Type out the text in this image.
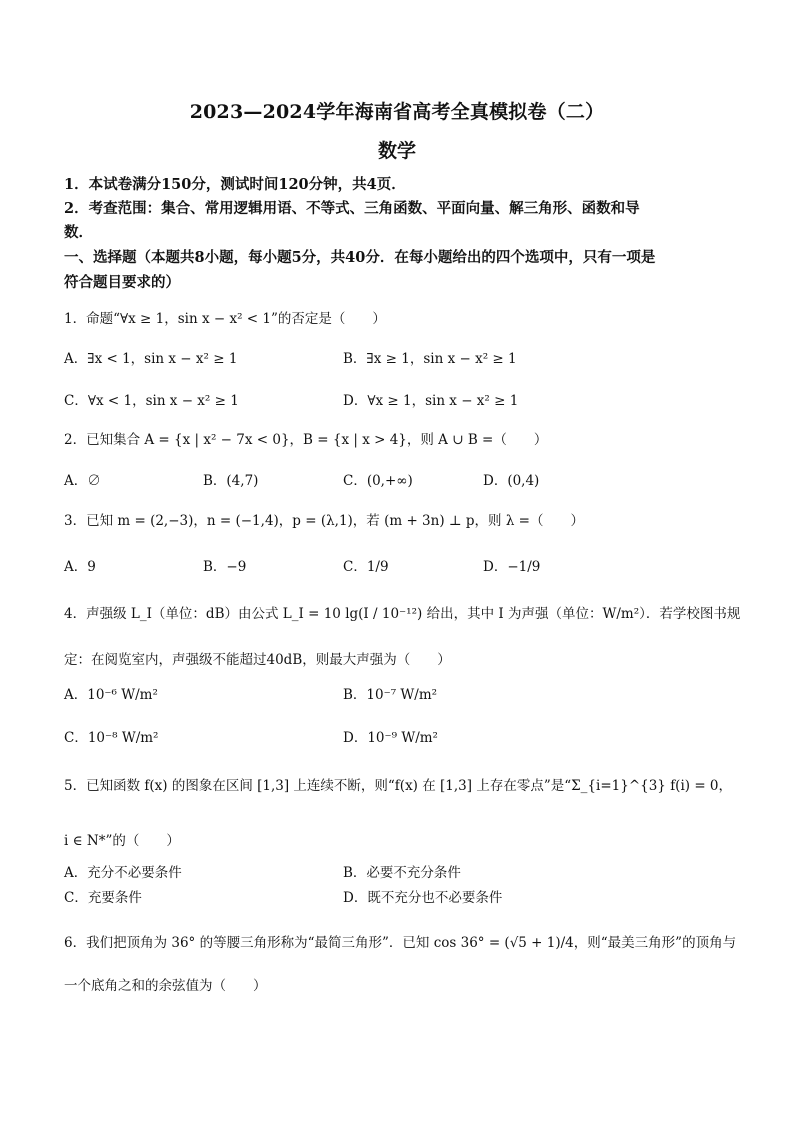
2023—2024学年海南省高考全真模拟卷（二）
数学
1．本试卷满分150分，测试时间120分钟，共4页．
2．考查范围：集合、常用逻辑用语、不等式、三角函数、平面向量、解三角形、函数和导
数．
一、选择题（本题共8小题，每小题5分，共40分．在每小题给出的四个选项中，只有一项是
符合题目要求的）
1．命题“∀x ≥ 1，sin x − x² < 1”的否定是（　　）
A．∃x < 1，sin x − x² ≥ 1	B．∃x ≥ 1，sin x − x² ≥ 1
C．∀x < 1，sin x − x² ≥ 1	D．∀x ≥ 1，sin x − x² ≥ 1
2．已知集合 A = {x | x² − 7x < 0}，B = {x | x > 4}，则 A ∪ B =（　　）
A．∅	B．(4,7)	C．(0,+∞)	D．(0,4)
3．已知 m = (2,−3)，n = (−1,4)，p = (λ,1)，若 (m + 3n) ⊥ p，则 λ =（　　）
A．9	B．−9	C．1/9	D．−1/9
4．声强级 L_I（单位：dB）由公式 L_I = 10 lg(I / 10⁻¹²) 给出，其中 I 为声强（单位：W/m²）．若学校图书规
定：在阅览室内，声强级不能超过40dB，则最大声强为（　　）
A．10⁻⁶ W/m²	B．10⁻⁷ W/m²
C．10⁻⁸ W/m²	D．10⁻⁹ W/m²
5．已知函数 f(x) 的图象在区间 [1,3] 上连续不断，则“f(x) 在 [1,3] 上存在零点”是“Σ_{i=1}^{3} f(i) = 0，
i ∈ N*”的（　　）
A．充分不必要条件	B．必要不充分条件
C．充要条件	D．既不充分也不必要条件
6．我们把顶角为 36° 的等腰三角形称为“最简三角形”．已知 cos 36° = (√5 + 1)/4，则“最美三角形”的顶角与
一个底角之和的余弦值为（　　）
